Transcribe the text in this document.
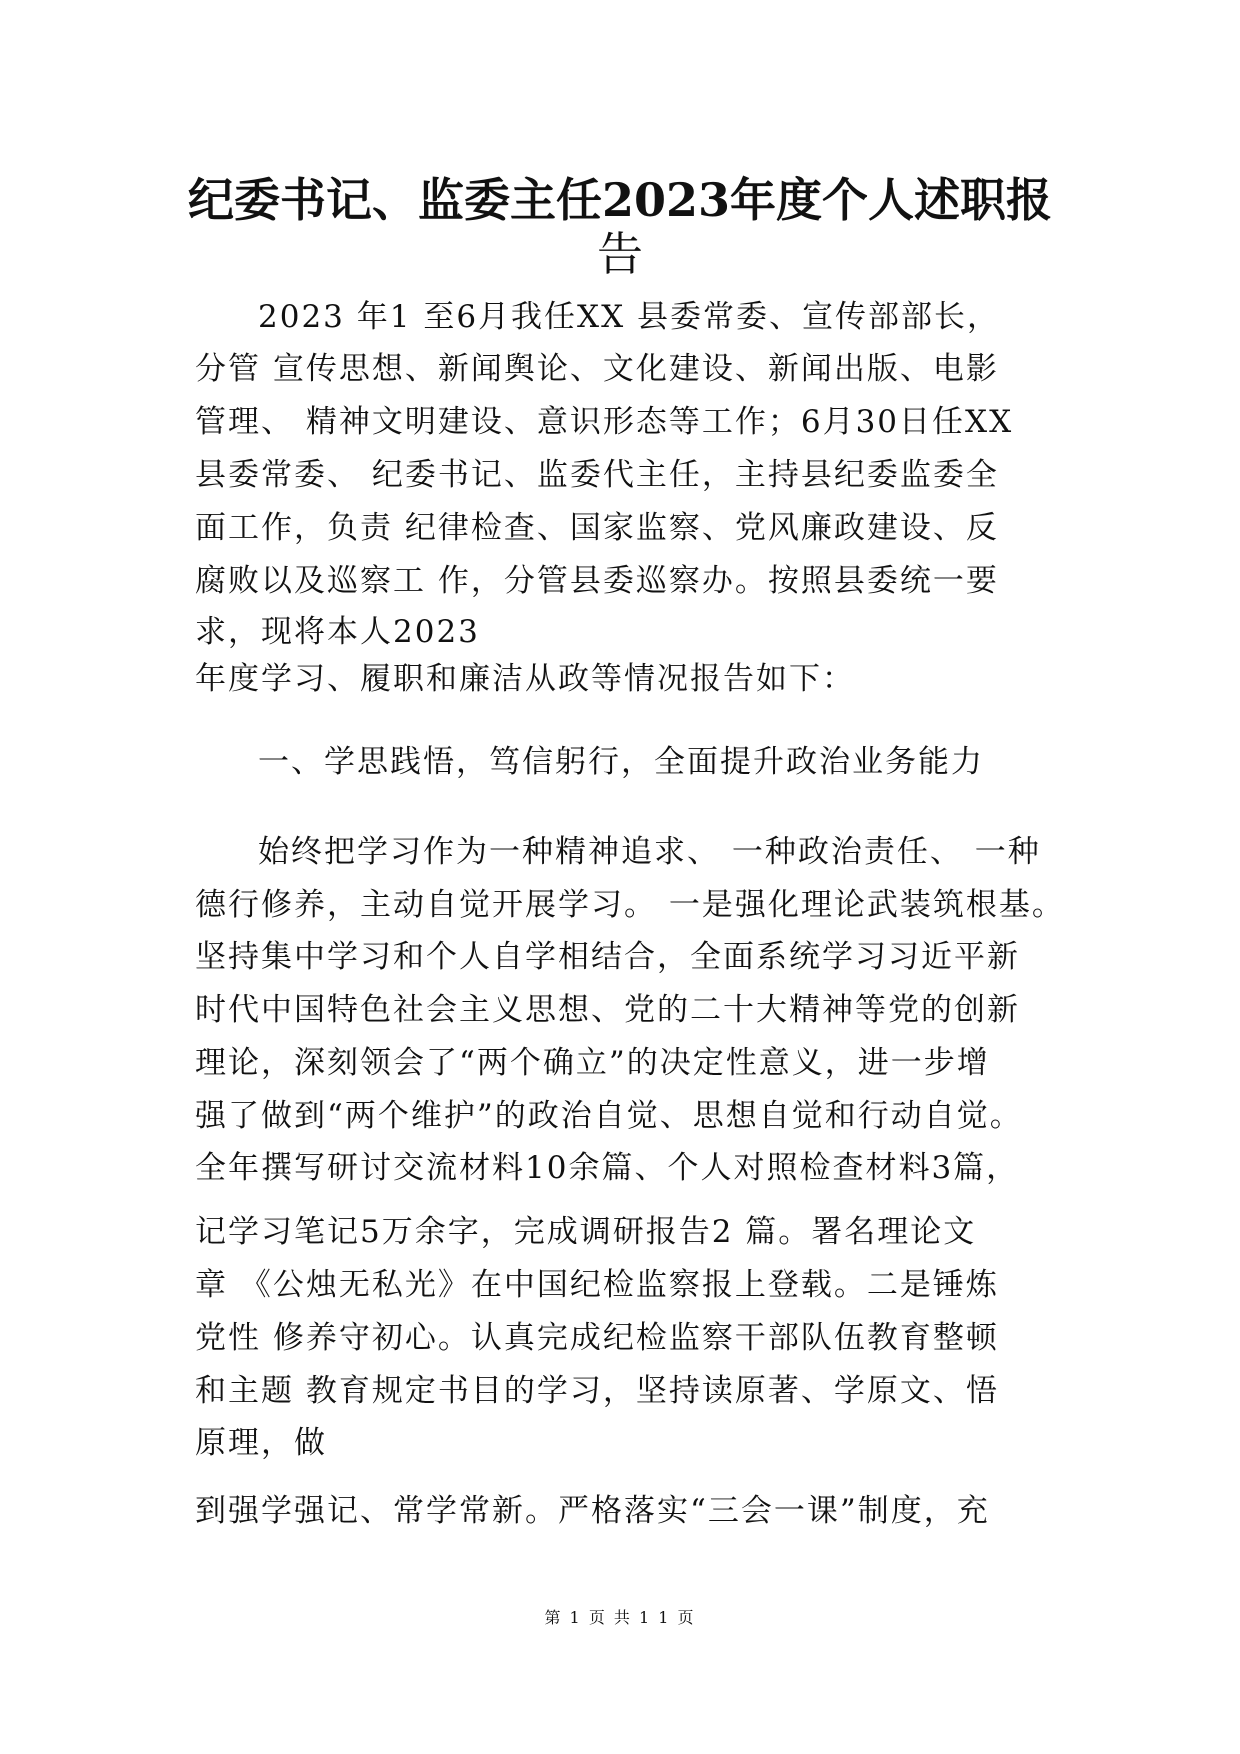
纪委书记、监委主任2023年度个人述职报
告
2023 年1 至6月我任XX 县委常委、宣传部部长，
分管 宣传思想、新闻舆论、文化建设、新闻出版、电影
管理、 精神文明建设、意识形态等工作；6月30日任XX
县委常委、 纪委书记、监委代主任，主持县纪委监委全
面工作，负责 纪律检查、国家监察、党风廉政建设、反
腐败以及巡察工 作，分管县委巡察办。按照县委统一要
求，现将本人2023
年度学习、履职和廉洁从政等情况报告如下：
一、学思践悟，笃信躬行，全面提升政治业务能力
始终把学习作为一种精神追求、 一种政治责任、 一种
德行修养，主动自觉开展学习。 一是强化理论武装筑根基。
坚持集中学习和个人自学相结合，全面系统学习习近平新
时代中国特色社会主义思想、党的二十大精神等党的创新
理论，深刻领会了“两个确立”的决定性意义，进一步增
强了做到“两个维护”的政治自觉、思想自觉和行动自觉。
全年撰写研讨交流材料10余篇、个人对照检查材料3篇，
记学习笔记5万余字，完成调研报告2 篇。署名理论文
章 《公烛无私光》在中国纪检监察报上登载。二是锤炼
党性 修养守初心。认真完成纪检监察干部队伍教育整顿
和主题 教育规定书目的学习，坚持读原著、学原文、悟
原理，做
到强学强记、常学常新。严格落实“三会一课”制度，充
第 1 页 共 1 1 页
